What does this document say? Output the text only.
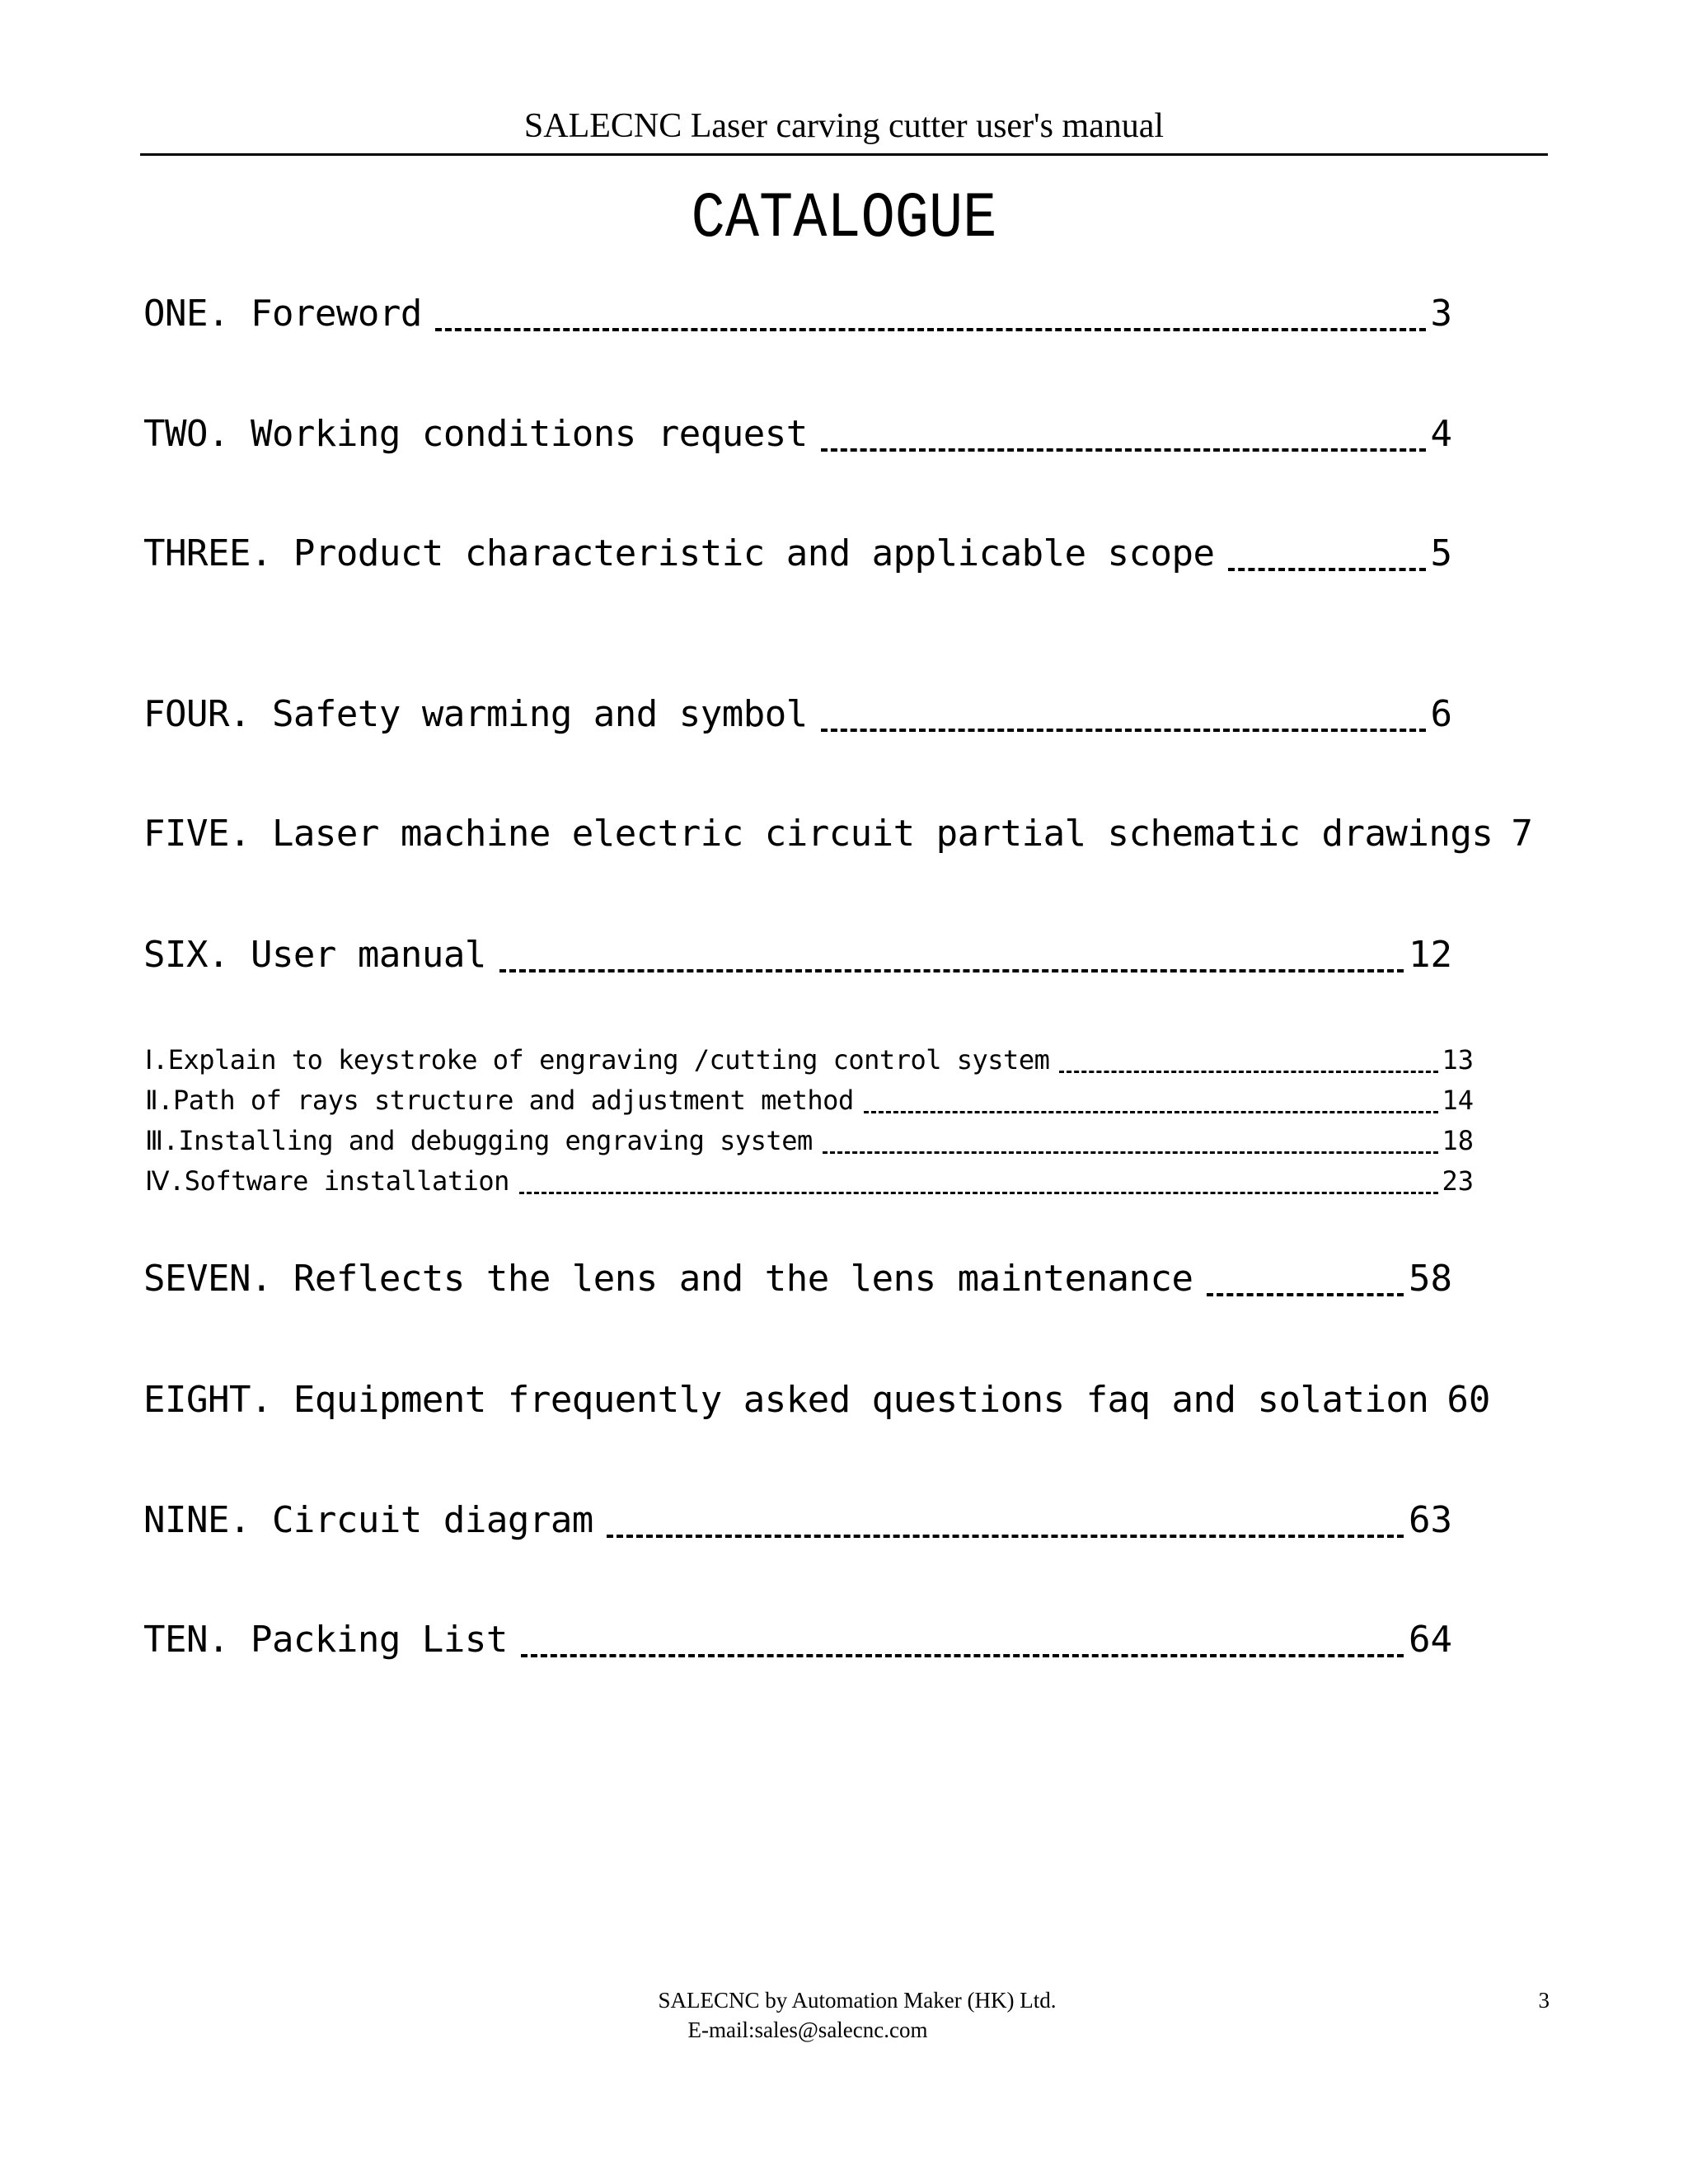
SALECNC Laser carving cutter user's manual
CATALOGUE
ONE. Foreword	3
TWO. Working conditions request	4
THREE. Product characteristic and applicable scope	5
FOUR. Safety warming and symbol	6
FIVE. Laser machine electric circuit partial schematic drawings 7
SIX. User manual	12
Ⅰ.Explain to keystroke of engraving /cutting control system	13
Ⅱ.Path of rays structure and adjustment method	14
Ⅲ.Installing and debugging engraving system	18
Ⅳ.Software installation	23
SEVEN. Reflects the lens and the lens maintenance	58
EIGHT. Equipment frequently asked questions faq and solation 60
NINE. Circuit diagram	63
TEN. Packing List	64
SALECNC by Automation Maker (HK) Ltd.
E-mail:sales@salecnc.com
3
